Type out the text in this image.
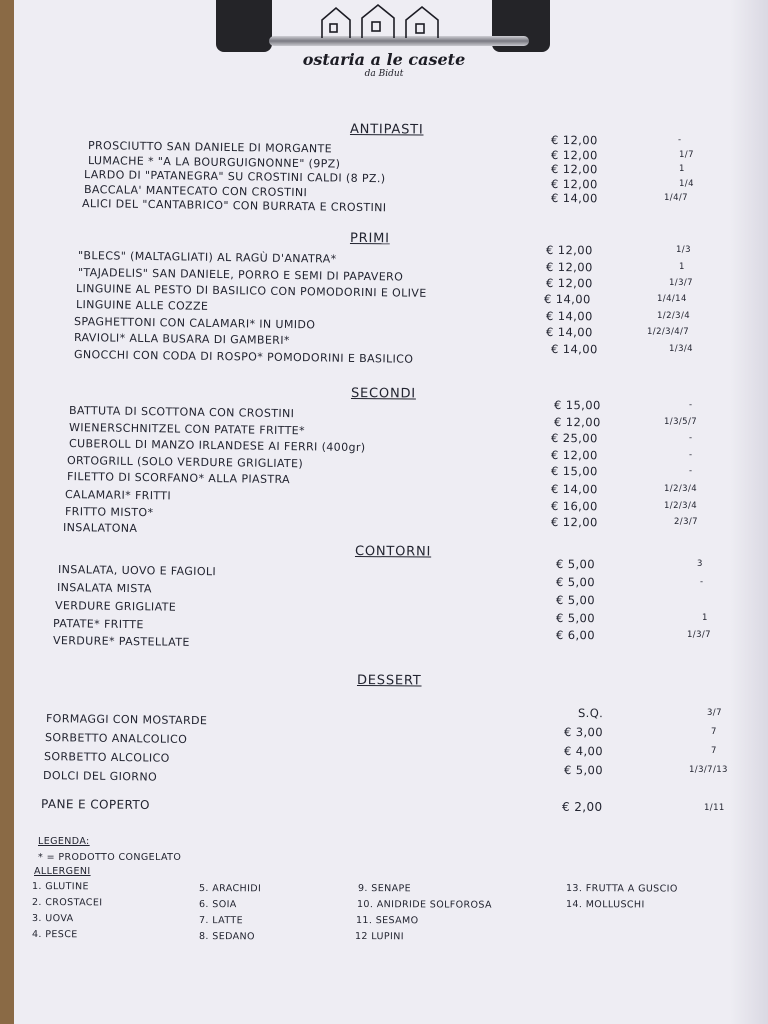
ostaria a le casete
da Bidut
ANTIPASTI
PROSCIUTTO SAN DANIELE DI MORGANTE	€ 12,00	-
LUMACHE * "A LA BOURGUIGNONNE" (9PZ)	€ 12,00	1/7
LARDO DI "PATANEGRA" SU CROSTINI CALDI (8 PZ.)	€ 12,00	1
BACCALA' MANTECATO CON CROSTINI	€ 12,00	1/4
ALICI DEL "CANTABRICO" CON BURRATA E CROSTINI	€ 14,00	1/4/7
PRIMI
"BLECS" (MALTAGLIATI) AL RAGÙ D'ANATRA*	€ 12,00	1/3
"TAJADELIS" SAN DANIELE, PORRO E SEMI DI PAPAVERO	€ 12,00	1
LINGUINE AL PESTO DI BASILICO CON POMODORINI E OLIVE	€ 12,00	1/3/7
LINGUINE ALLE COZZE	€ 14,00	1/4/14
SPAGHETTONI CON CALAMARI* IN UMIDO	€ 14,00	1/2/3/4
RAVIOLI* ALLA BUSARA DI GAMBERI*	€ 14,00	1/2/3/4/7
GNOCCHI CON CODA DI ROSPO* POMODORINI E BASILICO	€ 14,00	1/3/4
SECONDI
BATTUTA DI SCOTTONA CON CROSTINI	€ 15,00	-
WIENERSCHNITZEL CON PATATE FRITTE*	€ 12,00	1/3/5/7
CUBEROLL DI MANZO IRLANDESE AI FERRI (400gr)	€ 25,00	-
ORTOGRILL (SOLO VERDURE GRIGLIATE)	€ 12,00	-
FILETTO DI SCORFANO* ALLA PIASTRA	€ 15,00	-
CALAMARI* FRITTI	€ 14,00	1/2/3/4
FRITTO MISTO*	€ 16,00	1/2/3/4
INSALATONA	€ 12,00	2/3/7
CONTORNI
INSALATA, UOVO E FAGIOLI	€ 5,00	3
INSALATA MISTA	€ 5,00	-
VERDURE GRIGLIATE	€ 5,00
PATATE* FRITTE	€ 5,00	1
VERDURE* PASTELLATE	€ 6,00	1/3/7
DESSERT
FORMAGGI CON MOSTARDE	S.Q.	3/7
SORBETTO ANALCOLICO	€ 3,00	7
SORBETTO ALCOLICO	€ 4,00	7
DOLCI DEL GIORNO	€ 5,00	1/3/7/13
PANE E COPERTO	€ 2,00	1/11
LEGENDA:
* = PRODOTTO CONGELATO
ALLERGENI
1. GLUTINE
2. CROSTACEI
3. UOVA
4. PESCE
5. ARACHIDI
6. SOIA
7. LATTE
8. SEDANO
9. SENAPE
10. ANIDRIDE SOLFOROSA
11. SESAMO
12 LUPINI
13. FRUTTA A GUSCIO
14. MOLLUSCHI
